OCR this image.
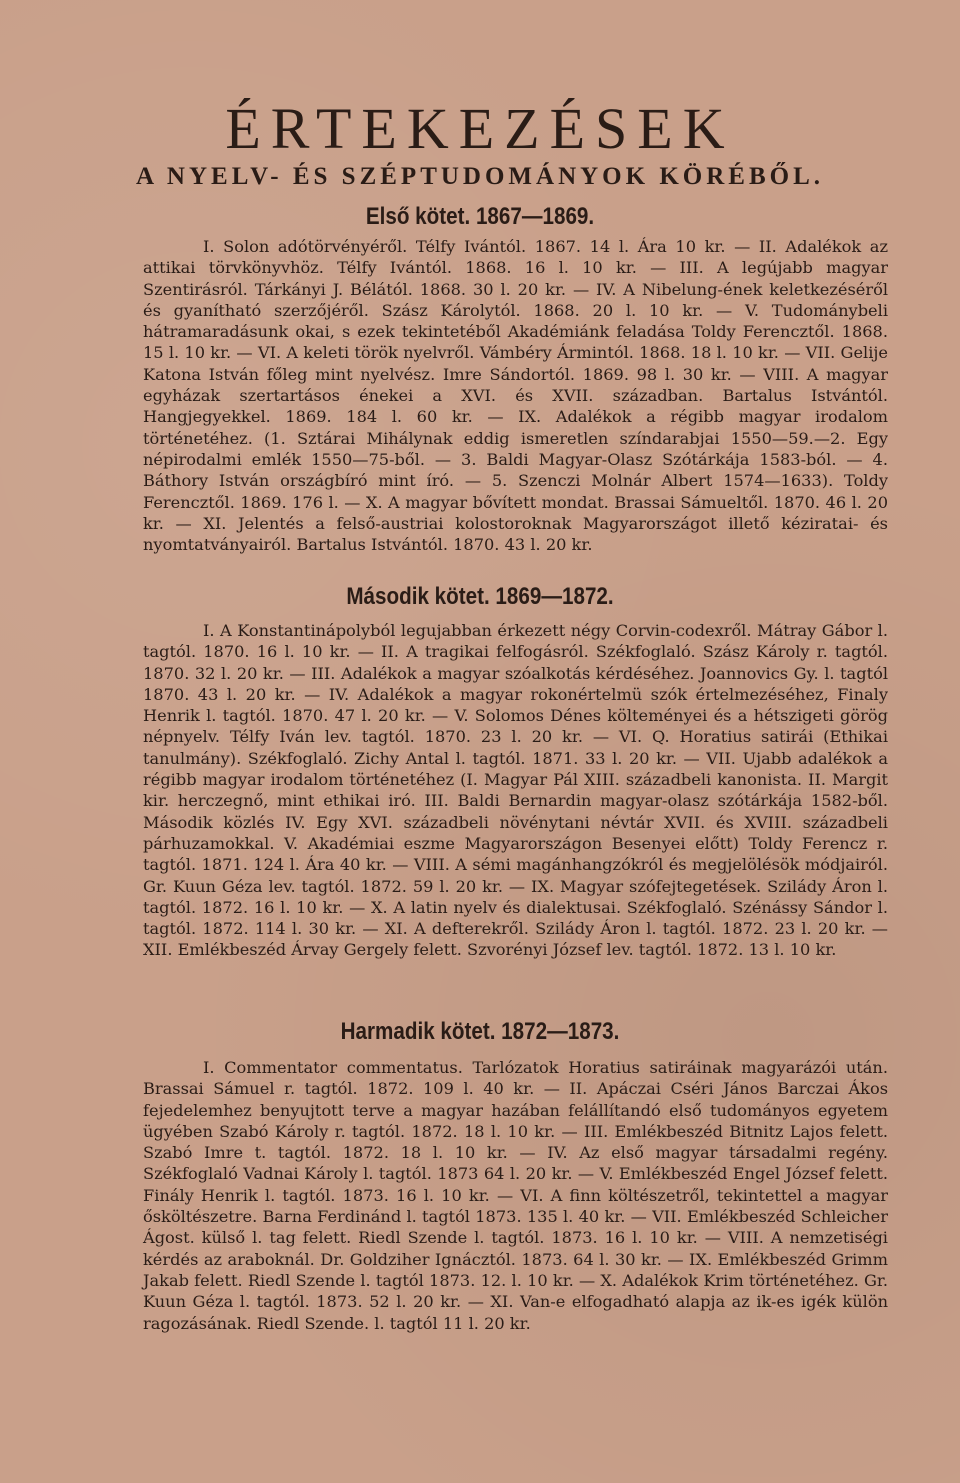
ÉRTEKEZÉSEK
A NYELV- ÉS SZÉPTUDOMÁNYOK KÖRÉBŐL.
Első kötet. 1867—1869.

I. Solon adótörvényéről. Télfy Ivántól. 1867. 14 l. Ára 10 kr. — II. Adalékok az attikai törvkönyvhöz. Télfy Ivántól. 1868. 16 l. 10 kr. — III. A legújabb magyar Szentirásról. Tárkányi J. Bélától. 1868. 30 l. 20 kr. — IV. A Nibelung-ének keletkezéséről és gyanítható szerzőjéről. Szász Károlytól. 1868. 20 l. 10 kr. — V. Tudománybeli hátramaradásunk okai, s ezek tekintetéből Akadémiánk feladása Toldy Ferencztől. 1868. 15 l. 10 kr. — VI. A keleti török nyelvről. Vámbéry Ármintól. 1868. 18 l. 10 kr. — VII. Gelije Katona István főleg mint nyelvész. Imre Sándortól. 1869. 98 l. 30 kr. — VIII. A magyar egyházak szertartásos énekei a XVI. és XVII. században. Bartalus Istvántól. Hangjegyekkel. 1869. 184 l. 60 kr. — IX. Adalékok a régibb magyar irodalom történetéhez. (1. Sztárai Mihálynak eddig ismeretlen színdarabjai 1550—59.—2. Egy népirodalmi emlék 1550—75-ből. — 3. Baldi Magyar-Olasz Szótárkája 1583-ból. — 4. Báthory István országbíró mint író. — 5. Szenczi Molnár Albert 1574—1633). Toldy Ferencztől. 1869. 176 l. — X. A magyar bővített mondat. Brassai Sámueltől. 1870. 46 l. 20 kr. — XI. Jelentés a felső-austriai kolostoroknak Magyarországot illető kéziratai- és nyomtatványairól. Bartalus Istvántól. 1870. 43 l. 20 kr.

Második kötet. 1869—1872.

I. A Konstantinápolyból legujabban érkezett négy Corvin-codexről. Mátray Gábor l. tagtól. 1870. 16 l. 10 kr. — II. A tragikai felfogásról. Székfoglaló. Szász Károly r. tagtól. 1870. 32 l. 20 kr. — III. Adalékok a magyar szóalkotás kérdéséhez. Joannovics Gy. l. tagtól 1870. 43 l. 20 kr. — IV. Adalékok a magyar rokonértelmü szók értelmezéséhez, Finaly Henrik l. tagtól. 1870. 47 l. 20 kr. — V. Solomos Dénes költeményei és a hétszigeti görög népnyelv. Télfy Iván lev. tagtól. 1870. 23 l. 20 kr. — VI. Q. Horatius satirái (Ethikai tanulmány). Székfoglaló. Zichy Antal l. tagtól. 1871. 33 l. 20 kr. — VII. Ujabb adalékok a régibb magyar irodalom történetéhez (I. Magyar Pál XIII. századbeli kanonista. II. Margit kir. herczegnő, mint ethikai iró. III. Baldi Bernardin magyar-olasz szótárkája 1582-ből. Második közlés IV. Egy XVI. századbeli növénytani névtár XVII. és XVIII. századbeli párhuzamokkal. V. Akadémiai eszme Magyarországon Besenyei előtt) Toldy Ferencz r. tagtól. 1871. 124 l. Ára 40 kr. — VIII. A sémi magánhangzókról és megjelölésök módjairól. Gr. Kuun Géza lev. tagtól. 1872. 59 l. 20 kr. — IX. Magyar szófejtegetések. Szilády Áron l. tagtól. 1872. 16 l. 10 kr. — X. A latin nyelv és dialektusai. Székfoglaló. Szénássy Sándor l. tagtól. 1872. 114 l. 30 kr. — XI. A defterekről. Szilády Áron l. tagtól. 1872. 23 l. 20 kr. — XII. Emlékbeszéd Árvay Gergely felett. Szvorényi József lev. tagtól. 1872. 13 l. 10 kr.

Harmadik kötet. 1872—1873.

I. Commentator commentatus. Tarlózatok Horatius satiráinak magyarázói után. Brassai Sámuel r. tagtól. 1872. 109 l. 40 kr. — II. Apáczai Cséri János Barczai Ákos fejedelemhez benyujtott terve a magyar hazában felállítandó első tudományos egyetem ügyében Szabó Károly r. tagtól. 1872. 18 l. 10 kr. — III. Emlékbeszéd Bitnitz Lajos felett. Szabó Imre t. tagtól. 1872. 18 l. 10 kr. — IV. Az első magyar társadalmi regény. Székfoglaló Vadnai Károly l. tagtól. 1873 64 l. 20 kr. — V. Emlékbeszéd Engel József felett. Finály Henrik l. tagtól. 1873. 16 l. 10 kr. — VI. A finn költészetről, tekintettel a magyar ősköltészetre. Barna Ferdinánd l. tagtól 1873. 135 l. 40 kr. — VII. Emlékbeszéd Schleicher Ágost. külső l. tag felett. Riedl Szende l. tagtól. 1873. 16 l. 10 kr. — VIII. A nemzetiségi kérdés az araboknál. Dr. Goldziher Ignácztól. 1873. 64 l. 30 kr. — IX. Emlékbeszéd Grimm Jakab felett. Riedl Szende l. tagtól 1873. 12. l. 10 kr. — X. Adalékok Krim történetéhez. Gr. Kuun Géza l. tagtól. 1873. 52 l. 20 kr. — XI. Van-e elfogadható alapja az ik-es igék külön ragozásának. Riedl Szende. l. tagtól 11 l. 20 kr.
